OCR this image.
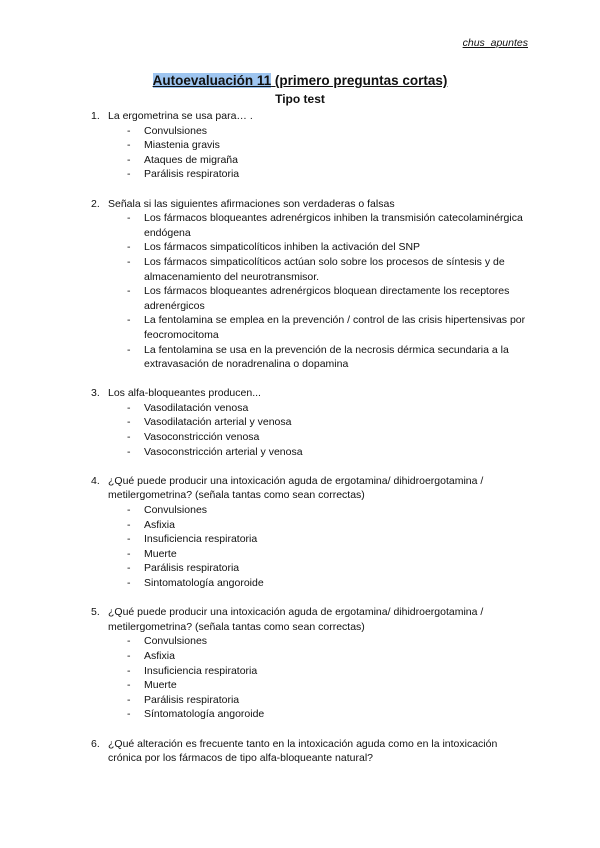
chus_apuntes
Autoevaluación 11 (primero preguntas cortas)
Tipo test
1. La ergometrina se usa para… .
- Convulsiones
- Miastenia gravis
- Ataques de migraña
- Parálisis respiratoria
2. Señala si las siguientes afirmaciones son verdaderas o falsas
- Los fármacos bloqueantes adrenérgicos inhiben la transmisión catecolaminérgica endógena
- Los fármacos simpaticolíticos inhiben la activación del SNP
- Los fármacos simpaticolíticos actúan solo sobre los procesos de síntesis y de almacenamiento del neurotransmisor.
- Los fármacos bloqueantes adrenérgicos bloquean directamente los receptores adrenérgicos
- La fentolamina se emplea en la prevención / control de las crisis hipertensivas por feocromocitoma
- La fentolamina se usa en la prevención de la necrosis dérmica secundaria a la extravasación de noradrenalina o dopamina
3. Los alfa-bloqueantes producen...
- Vasodilatación venosa
- Vasodilatación arterial y venosa
- Vasoconstricción venosa
- Vasoconstricción arterial y venosa
4. ¿Qué puede producir una intoxicación aguda de ergotamina/ dihidroergotamina / metilergometrina? (señala tantas como sean correctas)
- Convulsiones
- Asfixia
- Insuficiencia respiratoria
- Muerte
- Parálisis respiratoria
- Sintomatología angoroide
5. ¿Qué puede producir una intoxicación aguda de ergotamina/ dihidroergotamina / metilergometrina? (señala tantas como sean correctas)
- Convulsiones
- Asfixia
- Insuficiencia respiratoria
- Muerte
- Parálisis respiratoria
- Síntomatología angoroide
6. ¿Qué alteración es frecuente tanto en la intoxicación aguda como en la intoxicación crónica por los fármacos de tipo alfa-bloqueante natural?
